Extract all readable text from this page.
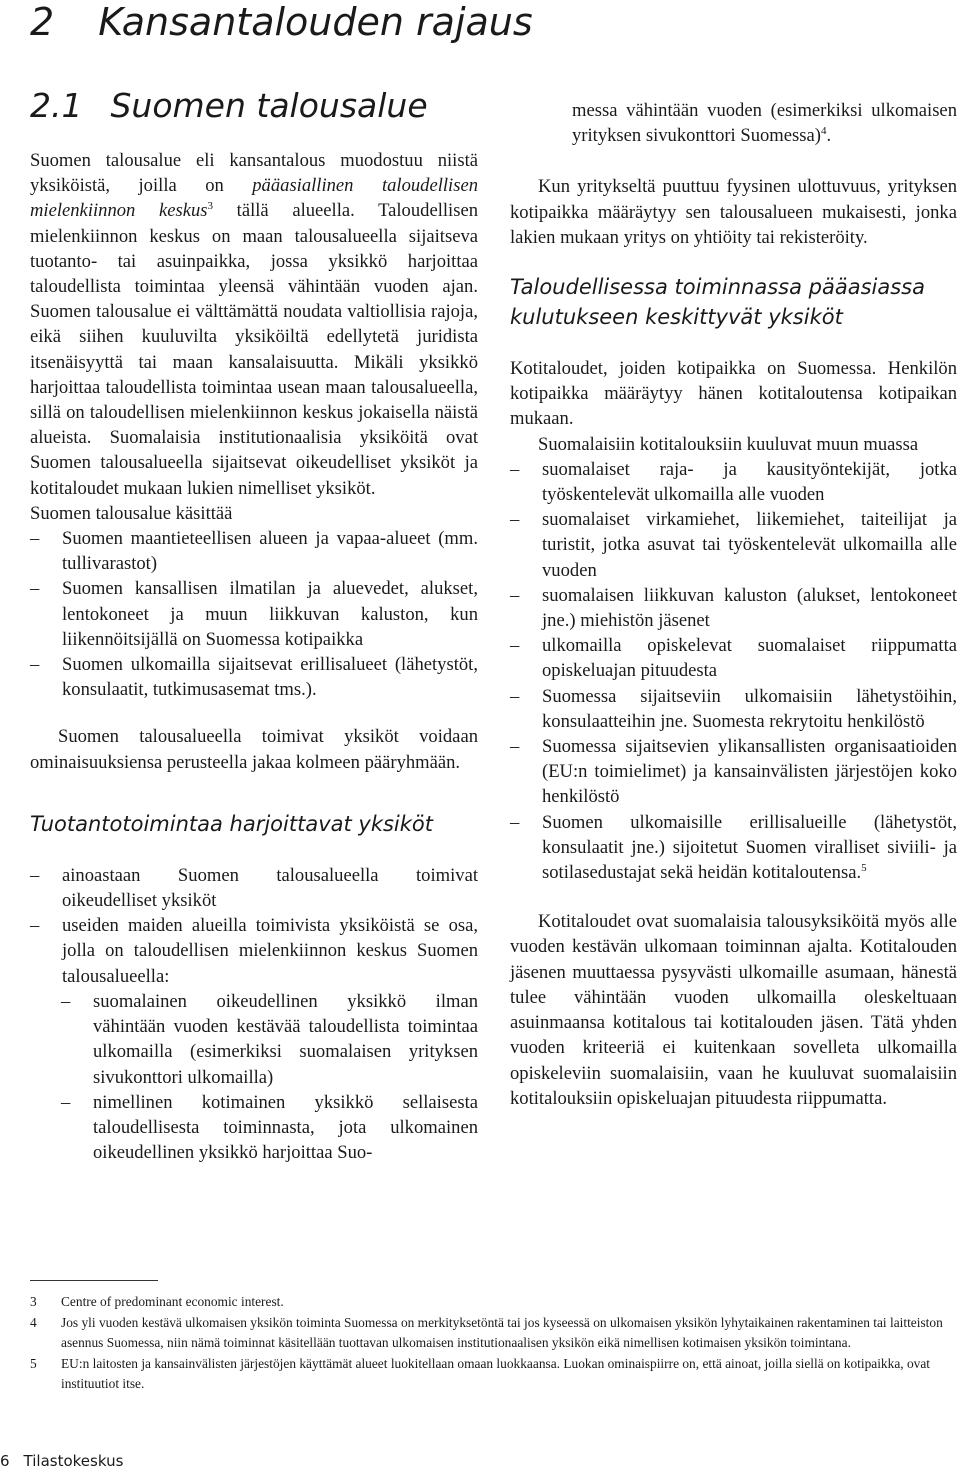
2 Kansantalouden rajaus
2.1 Suomen talousalue

Suomen talousalue eli kansantalous muodostuu niistä yksiköistä, joilla on pääasiallinen taloudellisen mielenkiinnon keskus$^3$ tällä alueella. Taloudellisen mielenkiinnon keskus on maan talousalueella sijaitseva tuotanto- tai asuinpaikka, jossa yksikkö harjoittaa taloudellista toimintaa yleensä vähintään vuoden ajan. Suomen talousalue ei välttämättä noudata valtiollisia rajoja, eikä siihen kuuluvilta yksiköiltä edellytetä juridista itsenäisyyttä tai maan kansalaisuutta. Mikäli yksikkö harjoittaa taloudellista toimintaa usean maan talousalueella, sillä on taloudellisen mielenkiinnon keskus jokaisella näistä alueista. Suomalaisia institutionaalisia yksiköitä ovat Suomen talousalueella sijaitsevat oikeudelliset yksiköt ja kotitaloudet mukaan lukien nimelliset yksiköt.

Suomen talousalue käsittää

– Suomen maantieteellisen alueen ja vapaa-alueet (mm. tullivarastot)
– Suomen kansallisen ilmatilan ja aluevedet, alukset, lentokoneet ja muun liikkuvan kaluston, kun liikennöitsijällä on Suomessa kotipaikka
– Suomen ulkomailla sijaitsevat erillisalueet (lähetystöt, konsulaatit, tutkimusasemat tms.).

Suomen talousalueella toimivat yksiköt voidaan ominaisuuksiensa perusteella jakaa kolmeen pääryhmään.

Tuotantotoimintaa harjoittavat yksiköt
– ainoastaan Suomen talousalueella toimivat oikeudelliset yksiköt
– useiden maiden alueilla toimivista yksiköistä se osa, jolla on taloudellisen mielenkiinnon keskus Suomen talousalueella:
– suomalainen oikeudellinen yksikkö ilman vähintään vuoden kestävää taloudellista toimintaa ulkomailla (esimerkiksi suomalaisen yrityksen sivukonttori ulkomailla)
– nimellinen kotimainen yksikkö sellaisesta taloudellisesta toiminnasta, jota ulkomainen oikeudellinen yksikkö harjoittaa Suo-

messa vähintään vuoden (esimerkiksi ulkomaisen yrityksen sivukonttori Suomessa)$^4$.

Kun yritykseltä puuttuu fyysinen ulottuvuus, yrityksen kotipaikka määräytyy sen talousalueen mukaisesti, jonka lakien mukaan yritys on yhtiöity tai rekisteröity.

Taloudellisessa toiminnassa pääasiassa kulutukseen keskittyvät yksiköt

Kotitaloudet, joiden kotipaikka on Suomessa. Henkilön kotipaikka määräytyy hänen kotitaloutensa kotipaikan mukaan.

Suomalaisiin kotitalouksiin kuuluvat muun muassa

– suomalaiset raja- ja kausityöntekijät, jotka työskentelevät ulkomailla alle vuoden
– suomalaiset virkamiehet, liikemiehet, taiteilijat ja turistit, jotka asuvat tai työskentelevät ulkomailla alle vuoden
– suomalaisen liikkuvan kaluston (alukset, lentokoneet jne.) miehistön jäsenet
– ulkomailla opiskelevat suomalaiset riippumatta opiskeluajan pituudesta
– Suomessa sijaitseviin ulkomaisiin lähetystöihin, konsulaatteihin jne. Suomesta rekrytoitu henkilöstö
– Suomessa sijaitsevien ylikansallisten organisaatioiden (EU:n toimielimet) ja kansainvälisten järjestöjen koko henkilöstö
– Suomen ulkomaisille erillisalueille (lähetystöt, konsulaatit jne.) sijoitetut Suomen viralliset siviili- ja sotilasedustajat sekä heidän kotitaloutensa.$^5$

Kotitaloudet ovat suomalaisia talousyksiköitä myös alle vuoden kestävän ulkomaan toiminnan ajalta. Kotitalouden jäsenen muuttaessa pysyvästi ulkomaille asumaan, hänestä tulee vähintään vuoden ulkomailla oleskeltuaan asuinmaansa kotitalous tai kotitalouden jäsen. Tätä yhden vuoden kriteeriä ei kuitenkaan sovelleta ulkomailla opiskeleviin suomalaisiin, vaan he kuuluvat suomalaisiin kotitalouksiin opiskeluajan pituudesta riippumatta.

3 Centre of predominant economic interest.
4 Jos yli vuoden kestävä ulkomaisen yksikön toiminta Suomessa on merkityksetöntä tai jos kyseessä on ulkomaisen yksikön lyhytaikainen rakentaminen tai laitteiston asennus Suomessa, niin nämä toiminnat käsitellään tuottavan ulkomaisen institutionaalisen yksikön eikä nimellisen kotimaisen yksikön toimintana.
5 EU:n laitosten ja kansainvälisten järjestöjen käyttämät alueet luokitellaan omaan luokkaansa. Luokan ominaispiirre on, että ainoat, joilla siellä on kotipaikka, ovat instituutiot itse.
6 Tilastokeskus
